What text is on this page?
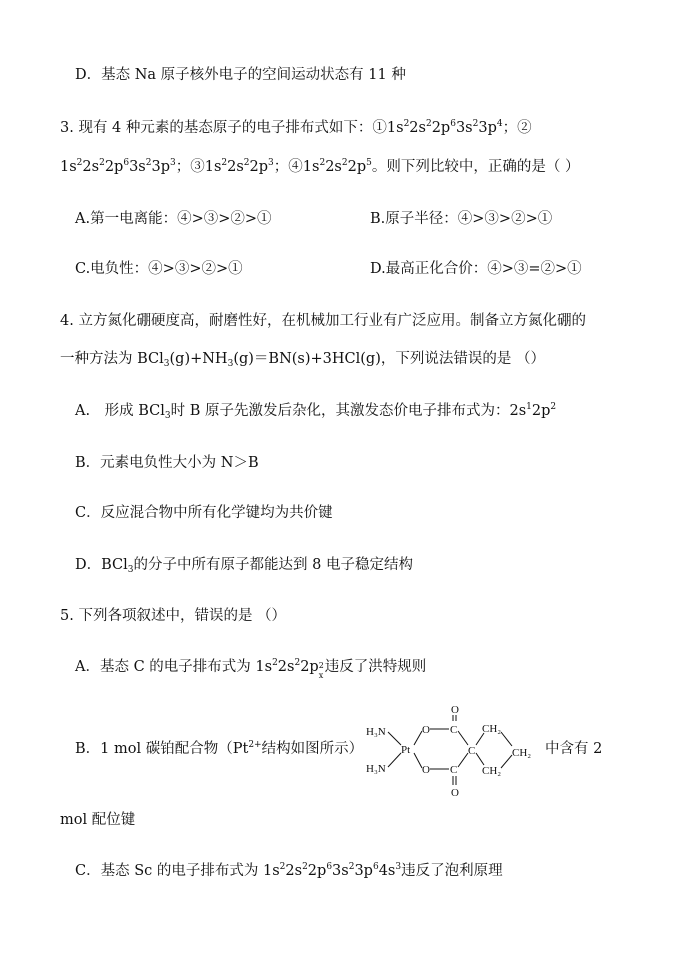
D．基态 Na 原子核外电子的空间运动状态有 11 种
3. 现有 4 种元素的基态原子的电子排布式如下：$①1s^22s^22p^63s^23p^4$；②
$1s^22s^22p^63s^23p^3$；$③1s^22s^22p^3$；$④1s^22s^22p^5$。则下列比较中，正确的是（ ）
A.第一电离能：④>③>②>①	B.原子半径：④>③>②>①
C.电负性：④>③>②>①	D.最高正化合价：④>③=②>①
4. 立方氮化硼硬度高，耐磨性好，在机械加工行业有广泛应用。制备立方氮化硼的
一种方法为 $BCl_3(g)+NH_3(g)=BN(s)+3HCl(g)$，下列说法错误的是 （）
A.　形成 BCl$_3$时 B 原子先激发后杂化，其激发态价电子排布式为：$2s^12p^2$
B．元素电负性大小为 N＞B
C．反应混合物中所有化学键均为共价键
D．BCl$_3$的分子中所有原子都能达到 8 电子稳定结构
5. 下列各项叙述中，错误的是 （）
A．基态 C 的电子排布式为 $1s^22s^22p$ 2
x
违反了洪特规则
B．1 mol 碳铂配合物（$Pt^{2+}$结构如图所示）	中含有 2
mol 配位键
C．基态 Sc 的电子排布式为 $1s^22s^22p^63s^23p^64s^3$违反了泡利原理
H₃N
H₃N
Pt
O
O
O
O
C
C
C
CH₂
CH₂
CH₂
